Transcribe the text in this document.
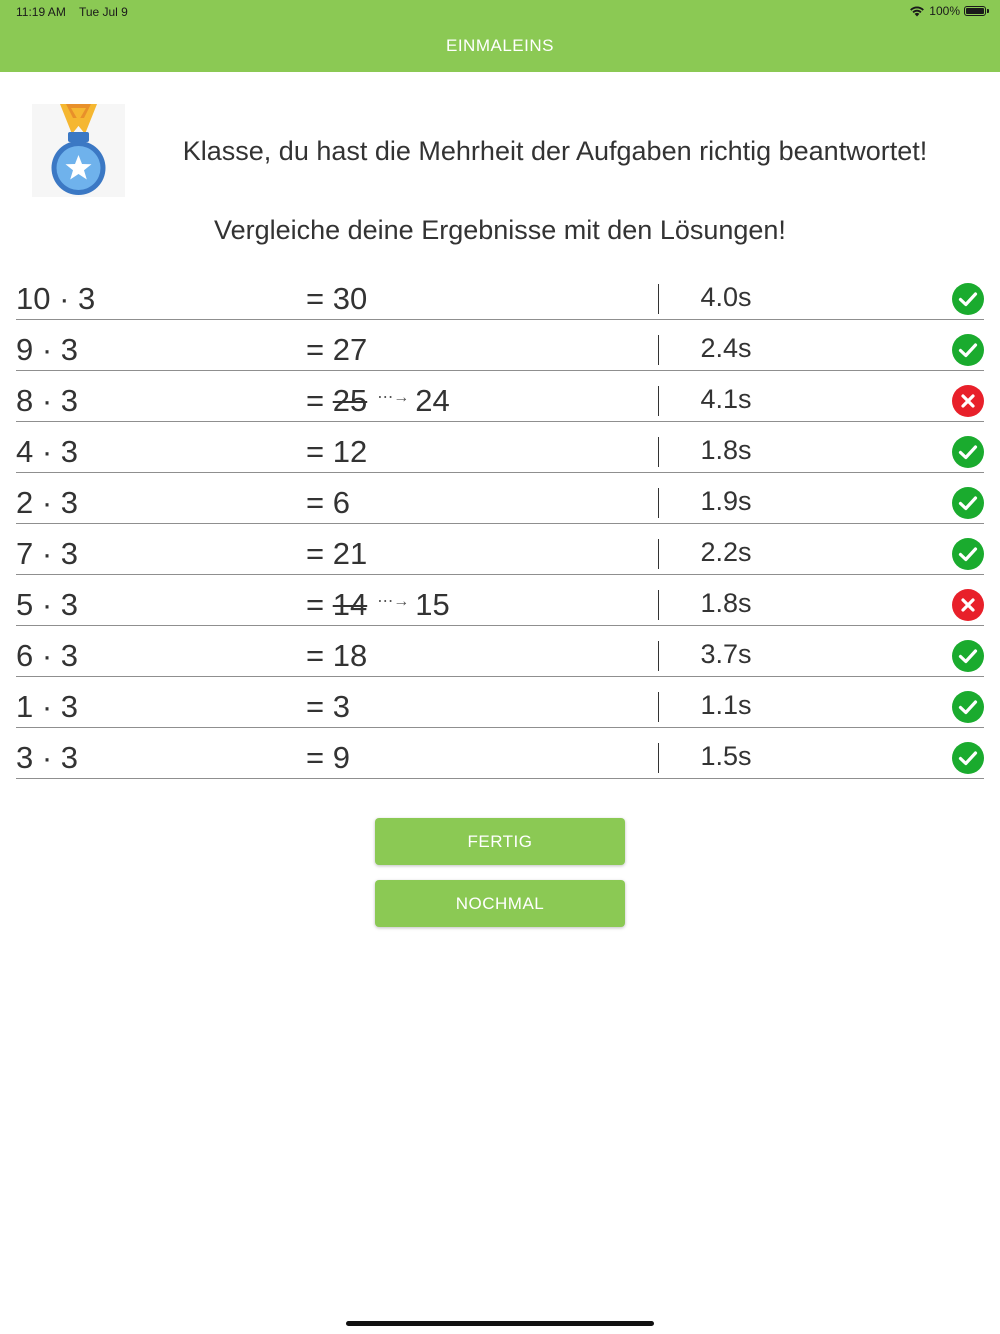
11:19 AM Tue Jul 9	100%
EINMALEINS
Klasse, du hast die Mehrheit der Aufgaben richtig beantwortet!
Vergleiche deine Ergebnisse mit den Lösungen!
10 · 3	= 30	4.0s
9 · 3	= 27	2.4s
8 · 3	= 25 ⋯→ 24	4.1s
4 · 3	= 12	1.8s
2 · 3	= 6	1.9s
7 · 3	= 21	2.2s
5 · 3	= 14 ⋯→ 15	1.8s
6 · 3	= 18	3.7s
1 · 3	= 3	1.1s
3 · 3	= 9	1.5s
FERTIG
NOCHMAL
